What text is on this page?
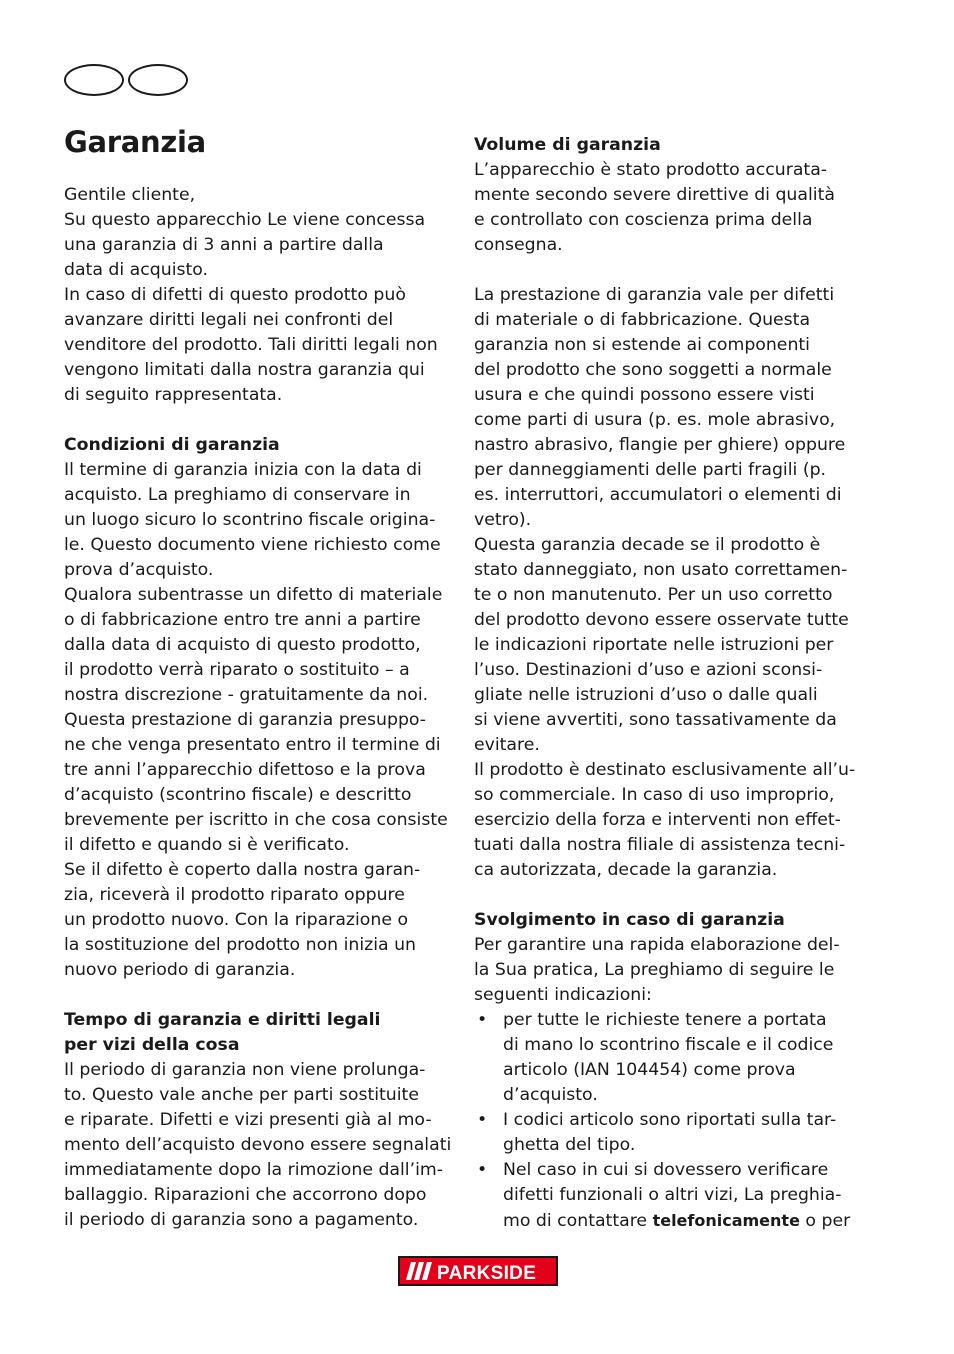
Garanzia

Gentile cliente,
Su questo apparecchio Le viene concessa
una garanzia di 3 anni a partire dalla
data di acquisto.
In caso di difetti di questo prodotto può
avanzare diritti legali nei confronti del
venditore del prodotto. Tali diritti legali non
vengono limitati dalla nostra garanzia qui
di seguito rappresentata.

Condizioni di garanzia

Il termine di garanzia inizia con la data di
acquisto. La preghiamo di conservare in
un luogo sicuro lo scontrino fiscale origina-
le. Questo documento viene richiesto come
prova d’acquisto.
Qualora subentrasse un difetto di materiale
o di fabbricazione entro tre anni a partire
dalla data di acquisto di questo prodotto,
il prodotto verrà riparato o sostituito – a
nostra discrezione - gratuitamente da noi.
Questa prestazione di garanzia presuppo-
ne che venga presentato entro il termine di
tre anni l’apparecchio difettoso e la prova
d’acquisto (scontrino fiscale) e descritto
brevemente per iscritto in che cosa consiste
il difetto e quando si è verificato.
Se il difetto è coperto dalla nostra garan-
zia, riceverà il prodotto riparato oppure
un prodotto nuovo. Con la riparazione o
la sostituzione del prodotto non inizia un
nuovo periodo di garanzia.

Tempo di garanzia e diritti legali
per vizi della cosa

Il periodo di garanzia non viene prolunga-
to. Questo vale anche per parti sostituite
e riparate. Difetti e vizi presenti già al mo-
mento dell’acquisto devono essere segnalati
immediatamente dopo la rimozione dall’im-
ballaggio. Riparazioni che accorrono dopo
il periodo di garanzia sono a pagamento.

Volume di garanzia

L’apparecchio è stato prodotto accurata-
mente secondo severe direttive di qualità
e controllato con coscienza prima della
consegna.

La prestazione di garanzia vale per difetti
di materiale o di fabbricazione. Questa
garanzia non si estende ai componenti
del prodotto che sono soggetti a normale
usura e che quindi possono essere visti
come parti di usura (p. es. mole abrasivo,
nastro abrasivo, flangie per ghiere) oppure
per danneggiamenti delle parti fragili (p.
es. interruttori, accumulatori o elementi di
vetro).
Questa garanzia decade se il prodotto è
stato danneggiato, non usato correttamen-
te o non manutenuto. Per un uso corretto
del prodotto devono essere osservate tutte
le indicazioni riportate nelle istruzioni per
l’uso. Destinazioni d’uso e azioni sconsi-
gliate nelle istruzioni d’uso o dalle quali
si viene avvertiti, sono tassativamente da
evitare.
Il prodotto è destinato esclusivamente all’u-
so commerciale. In caso di uso improprio,
esercizio della forza e interventi non effet-
tuati dalla nostra filiale di assistenza tecni-
ca autorizzata, decade la garanzia.

Svolgimento in caso di garanzia

Per garantire una rapida elaborazione del-
la Sua pratica, La preghiamo di seguire le
seguenti indicazioni:

• per tutte le richieste tenere a portata
di mano lo scontrino fiscale e il codice
articolo (IAN 104454) come prova
d’acquisto.
• I codici articolo sono riportati sulla tar-
ghetta del tipo.
• Nel caso in cui si dovessero verificare
difetti funzionali o altri vizi, La preghia-
mo di contattare telefonicamente o per
PARKSIDE
